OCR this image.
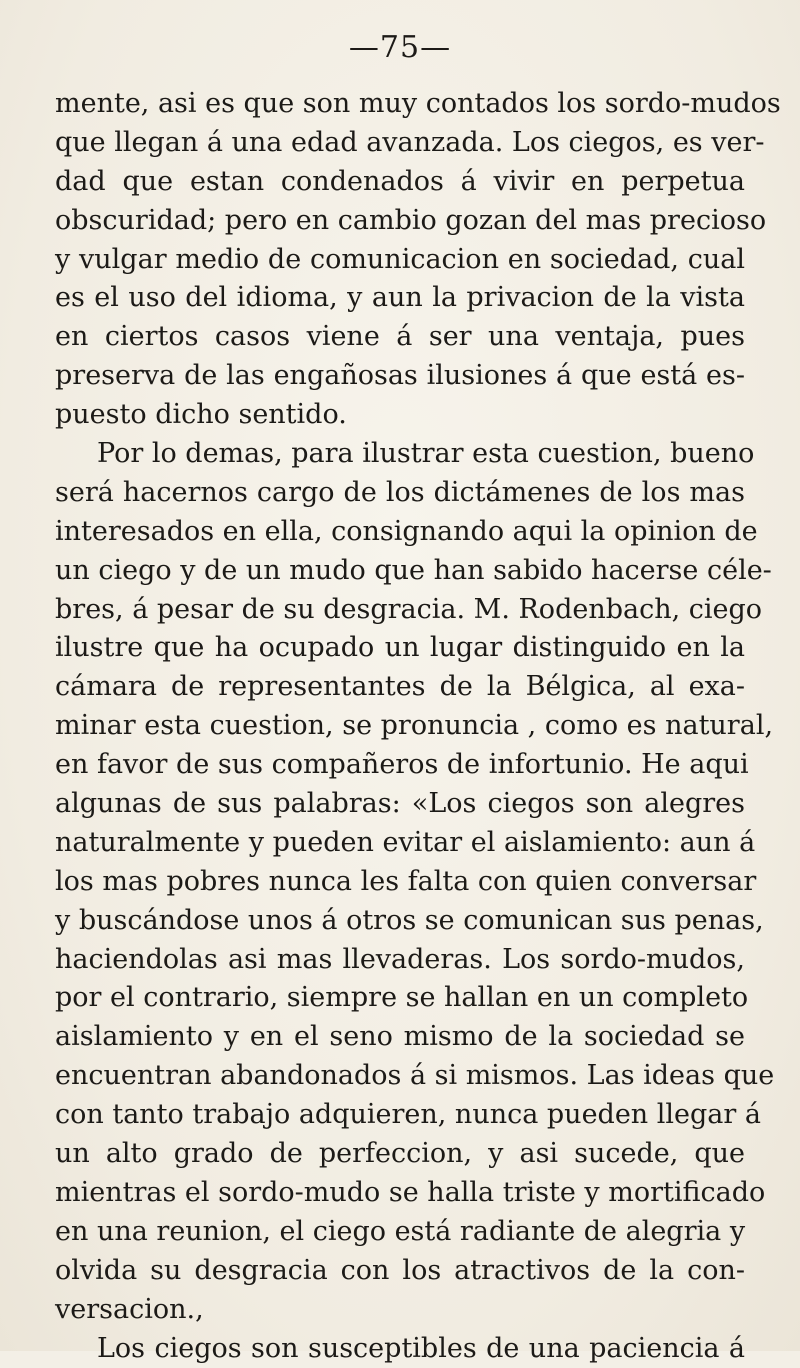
—75—
mente, asi es que son muy contados los sordo-mudos
que llegan á una edad avanzada. Los ciegos, es ver-
dad que estan condenados á vivir en perpetua
obscuridad; pero en cambio gozan del mas precioso
y vulgar medio de comunicacion en sociedad, cual
es el uso del idioma, y aun la privacion de la vista
en ciertos casos viene á ser una ventaja, pues
preserva de las engañosas ilusiones á que está es-
puesto dicho sentido.
Por lo demas, para ilustrar esta cuestion, bueno
será hacernos cargo de los dictámenes de los mas
interesados en ella, consignando aqui la opinion de
un ciego y de un mudo que han sabido hacerse céle-
bres, á pesar de su desgracia. M. Rodenbach, ciego
ilustre que ha ocupado un lugar distinguido en la
cámara de representantes de la Bélgica, al exa-
minar esta cuestion, se pronuncia , como es natural,
en favor de sus compañeros de infortunio. He aqui
algunas de sus palabras: «Los ciegos son alegres
naturalmente y pueden evitar el aislamiento: aun á
los mas pobres nunca les falta con quien conversar
y buscándose unos á otros se comunican sus penas,
haciendolas asi mas llevaderas. Los sordo-mudos,
por el contrario, siempre se hallan en un completo
aislamiento y en el seno mismo de la sociedad se
encuentran abandonados á si mismos. Las ideas que
con tanto trabajo adquieren, nunca pueden llegar á
un alto grado de perfeccion, y asi sucede, que
mientras el sordo-mudo se halla triste y mortificado
en una reunion, el ciego está radiante de alegria y
olvida su desgracia con los atractivos de la con-
versacion.,
Los ciegos son susceptibles de una paciencia á
